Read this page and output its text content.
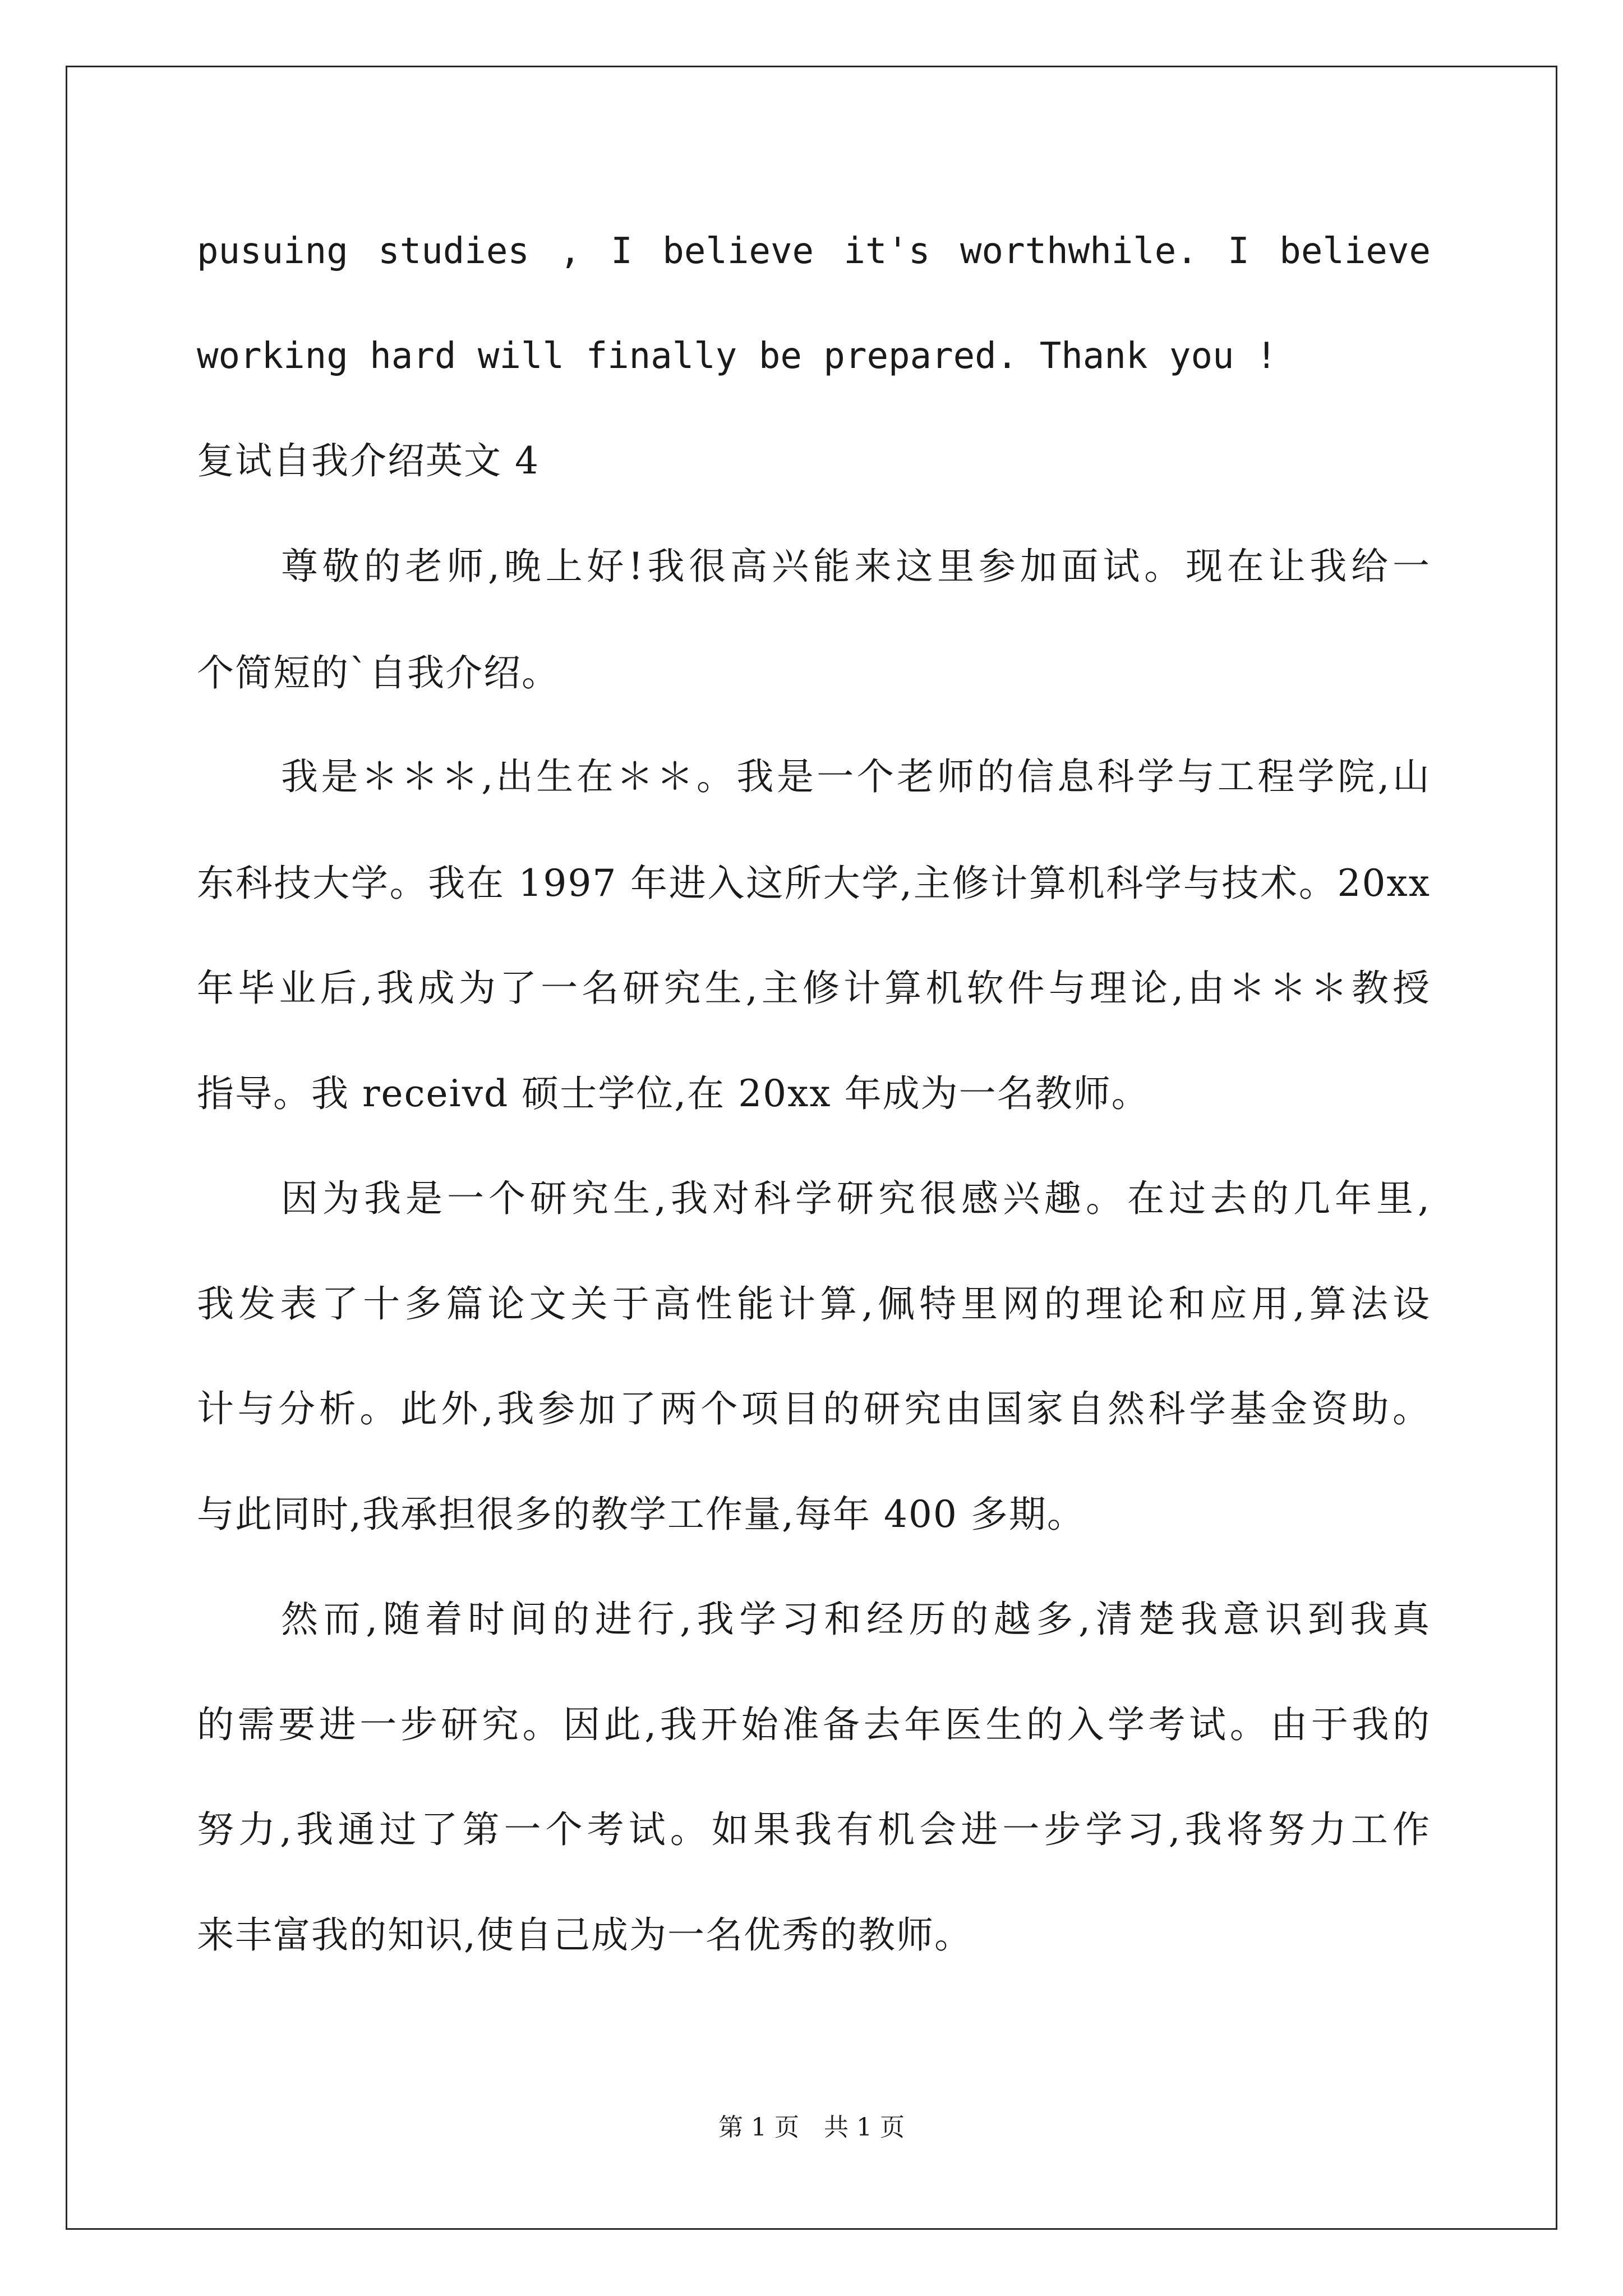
pusuing studies , I believe it's worthwhile. I believe
working hard will finally be prepared. Thank you !
复试自我介绍英文 4
尊敬的老师,晚上好!我很高兴能来这里参加面试。现在让我给一
个简短的`自我介绍。
我是＊＊＊,出生在＊＊。我是一个老师的信息科学与工程学院,山
东科技大学。我在 1997 年进入这所大学,主修计算机科学与技术。20xx
年毕业后,我成为了一名研究生,主修计算机软件与理论,由＊＊＊教授
指导。我 receivd 硕士学位,在 20xx 年成为一名教师。
因为我是一个研究生,我对科学研究很感兴趣。在过去的几年里,
我发表了十多篇论文关于高性能计算,佩特里网的理论和应用,算法设
计与分析。此外,我参加了两个项目的研究由国家自然科学基金资助。
与此同时,我承担很多的教学工作量,每年 400 多期。
然而,随着时间的进行,我学习和经历的越多,清楚我意识到我真
的需要进一步研究。因此,我开始准备去年医生的入学考试。由于我的
努力,我通过了第一个考试。如果我有机会进一步学习,我将努力工作
来丰富我的知识,使自己成为一名优秀的教师。
第 1 页　共 1 页
